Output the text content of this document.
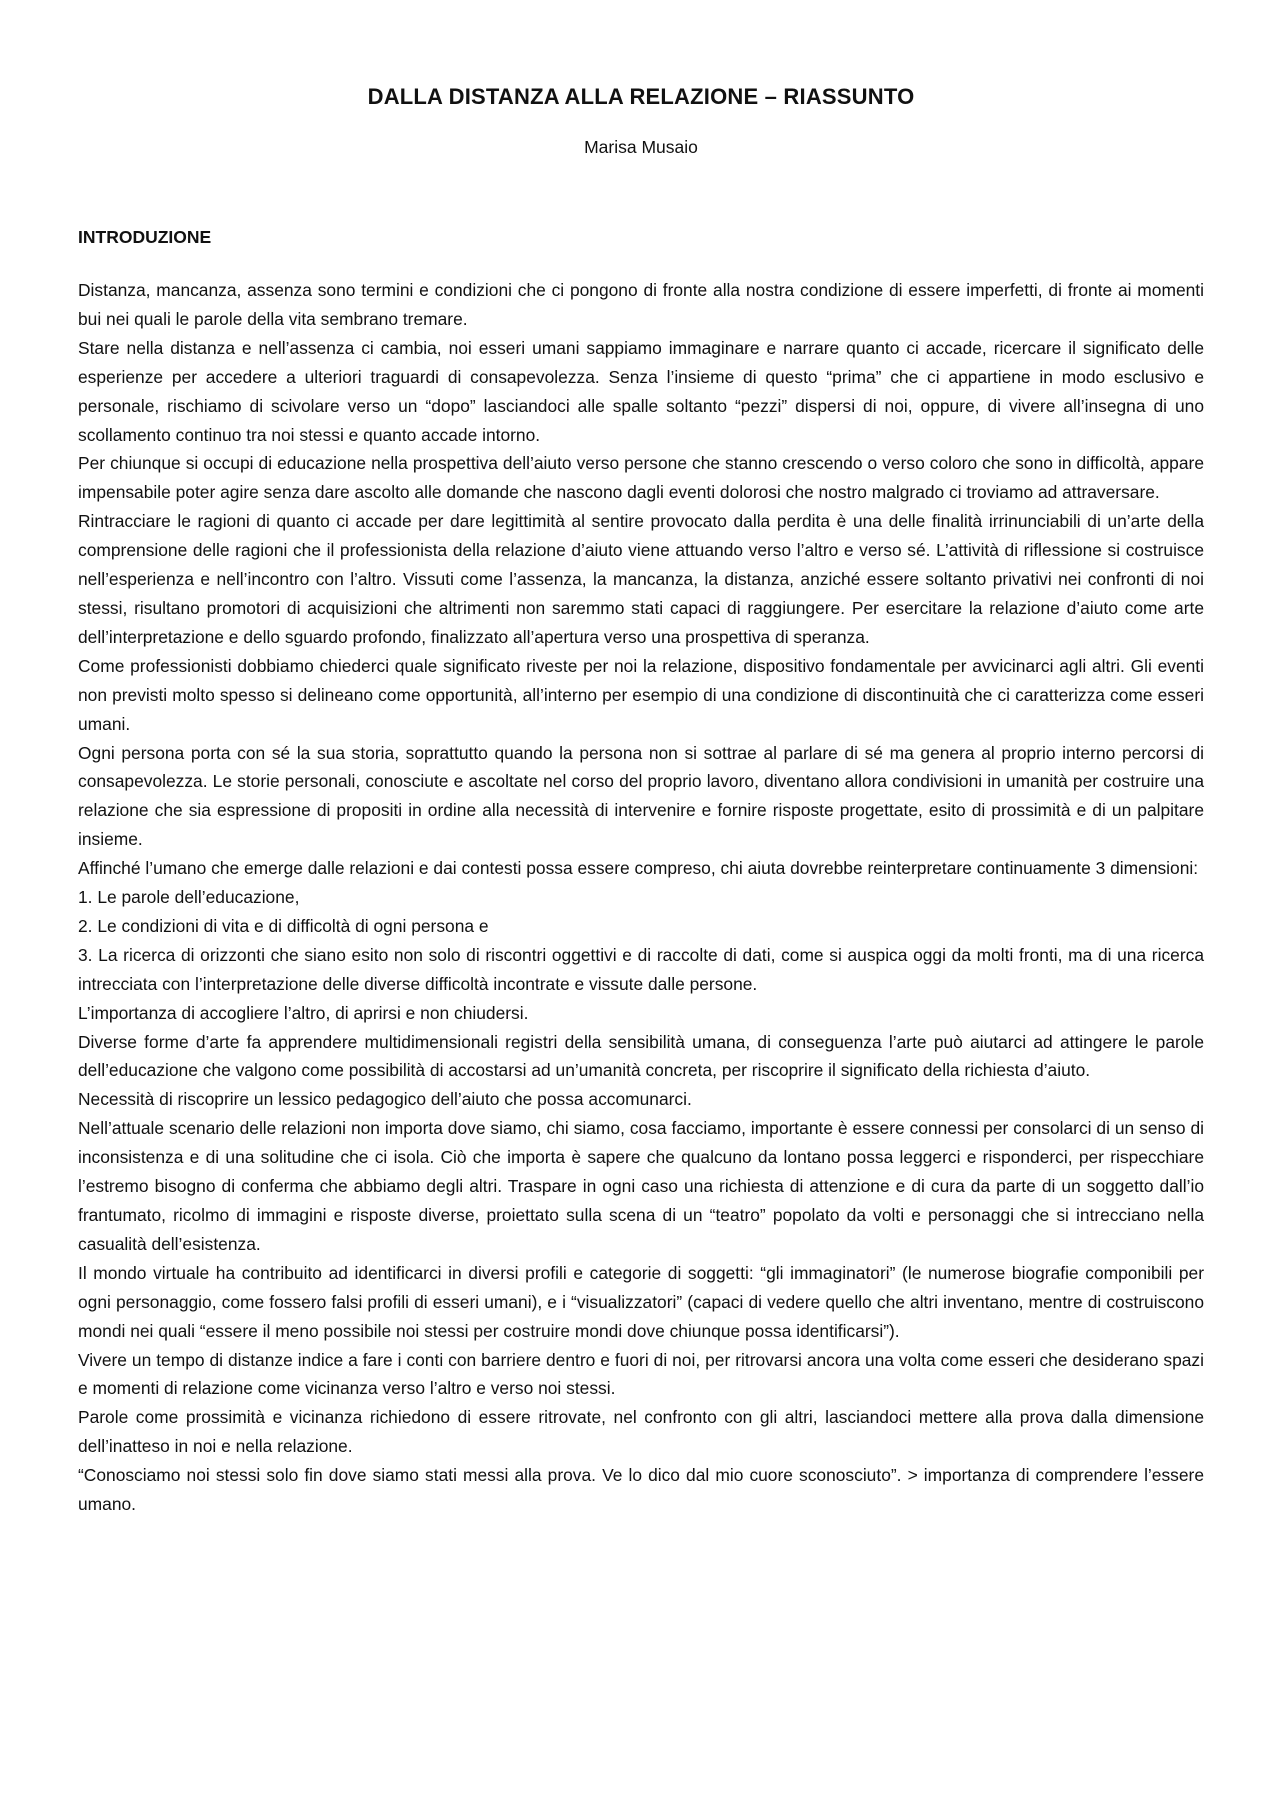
DALLA DISTANZA ALLA RELAZIONE – RIASSUNTO
Marisa Musaio
INTRODUZIONE

Distanza, mancanza, assenza sono termini e condizioni che ci pongono di fronte alla nostra condizione di essere imperfetti, di fronte ai momenti bui nei quali le parole della vita sembrano tremare.

Stare nella distanza e nell’assenza ci cambia, noi esseri umani sappiamo immaginare e narrare quanto ci accade, ricercare il significato delle esperienze per accedere a ulteriori traguardi di consapevolezza. Senza l’insieme di questo “prima” che ci appartiene in modo esclusivo e personale, rischiamo di scivolare verso un “dopo” lasciandoci alle spalle soltanto “pezzi” dispersi di noi, oppure, di vivere all’insegna di uno scollamento continuo tra noi stessi e quanto accade intorno.

Per chiunque si occupi di educazione nella prospettiva dell’aiuto verso persone che stanno crescendo o verso coloro che sono in difficoltà, appare impensabile poter agire senza dare ascolto alle domande che nascono dagli eventi dolorosi che nostro malgrado ci troviamo ad attraversare.

Rintracciare le ragioni di quanto ci accade per dare legittimità al sentire provocato dalla perdita è una delle finalità irrinunciabili di un’arte della comprensione delle ragioni che il professionista della relazione d’aiuto viene attuando verso l’altro e verso sé. L’attività di riflessione si costruisce nell’esperienza e nell’incontro con l’altro. Vissuti come l’assenza, la mancanza, la distanza, anziché essere soltanto privativi nei confronti di noi stessi, risultano promotori di acquisizioni che altrimenti non saremmo stati capaci di raggiungere. Per esercitare la relazione d’aiuto come arte dell’interpretazione e dello sguardo profondo, finalizzato all’apertura verso una prospettiva di speranza.

Come professionisti dobbiamo chiederci quale significato riveste per noi la relazione, dispositivo fondamentale per avvicinarci agli altri. Gli eventi non previsti molto spesso si delineano come opportunità, all’interno per esempio di una condizione di discontinuità che ci caratterizza come esseri umani.

Ogni persona porta con sé la sua storia, soprattutto quando la persona non si sottrae al parlare di sé ma genera al proprio interno percorsi di consapevolezza. Le storie personali, conosciute e ascoltate nel corso del proprio lavoro, diventano allora condivisioni in umanità per costruire una relazione che sia espressione di propositi in ordine alla necessità di intervenire e fornire risposte progettate, esito di prossimità e di un palpitare insieme.

Affinché l’umano che emerge dalle relazioni e dai contesti possa essere compreso, chi aiuta dovrebbe reinterpretare continuamente 3 dimensioni:

1. Le parole dell’educazione,

2. Le condizioni di vita e di difficoltà di ogni persona e

3. La ricerca di orizzonti che siano esito non solo di riscontri oggettivi e di raccolte di dati, come si auspica oggi da molti fronti, ma di una ricerca intrecciata con l’interpretazione delle diverse difficoltà incontrate e vissute dalle persone.

L’importanza di accogliere l’altro, di aprirsi e non chiudersi.

Diverse forme d’arte fa apprendere multidimensionali registri della sensibilità umana, di conseguenza l’arte può aiutarci ad attingere le parole dell’educazione che valgono come possibilità di accostarsi ad un’umanità concreta, per riscoprire il significato della richiesta d’aiuto.

Necessità di riscoprire un lessico pedagogico dell’aiuto che possa accomunarci.

Nell’attuale scenario delle relazioni non importa dove siamo, chi siamo, cosa facciamo, importante è essere connessi per consolarci di un senso di inconsistenza e di una solitudine che ci isola. Ciò che importa è sapere che qualcuno da lontano possa leggerci e risponderci, per rispecchiare l’estremo bisogno di conferma che abbiamo degli altri. Traspare in ogni caso una richiesta di attenzione e di cura da parte di un soggetto dall’io frantumato, ricolmo di immagini e risposte diverse, proiettato sulla scena di un “teatro” popolato da volti e personaggi che si intrecciano nella casualità dell’esistenza.

Il mondo virtuale ha contribuito ad identificarci in diversi profili e categorie di soggetti: “gli immaginatori” (le numerose biografie componibili per ogni personaggio, come fossero falsi profili di esseri umani), e i “visualizzatori” (capaci di vedere quello che altri inventano, mentre di costruiscono mondi nei quali “essere il meno possibile noi stessi per costruire mondi dove chiunque possa identificarsi”).

Vivere un tempo di distanze indice a fare i conti con barriere dentro e fuori di noi, per ritrovarsi ancora una volta come esseri che desiderano spazi e momenti di relazione come vicinanza verso l’altro e verso noi stessi.

Parole come prossimità e vicinanza richiedono di essere ritrovate, nel confronto con gli altri, lasciandoci mettere alla prova dalla dimensione dell’inatteso in noi e nella relazione.

“Conosciamo noi stessi solo fin dove siamo stati messi alla prova. Ve lo dico dal mio cuore sconosciuto”. > importanza di comprendere l’essere umano.
